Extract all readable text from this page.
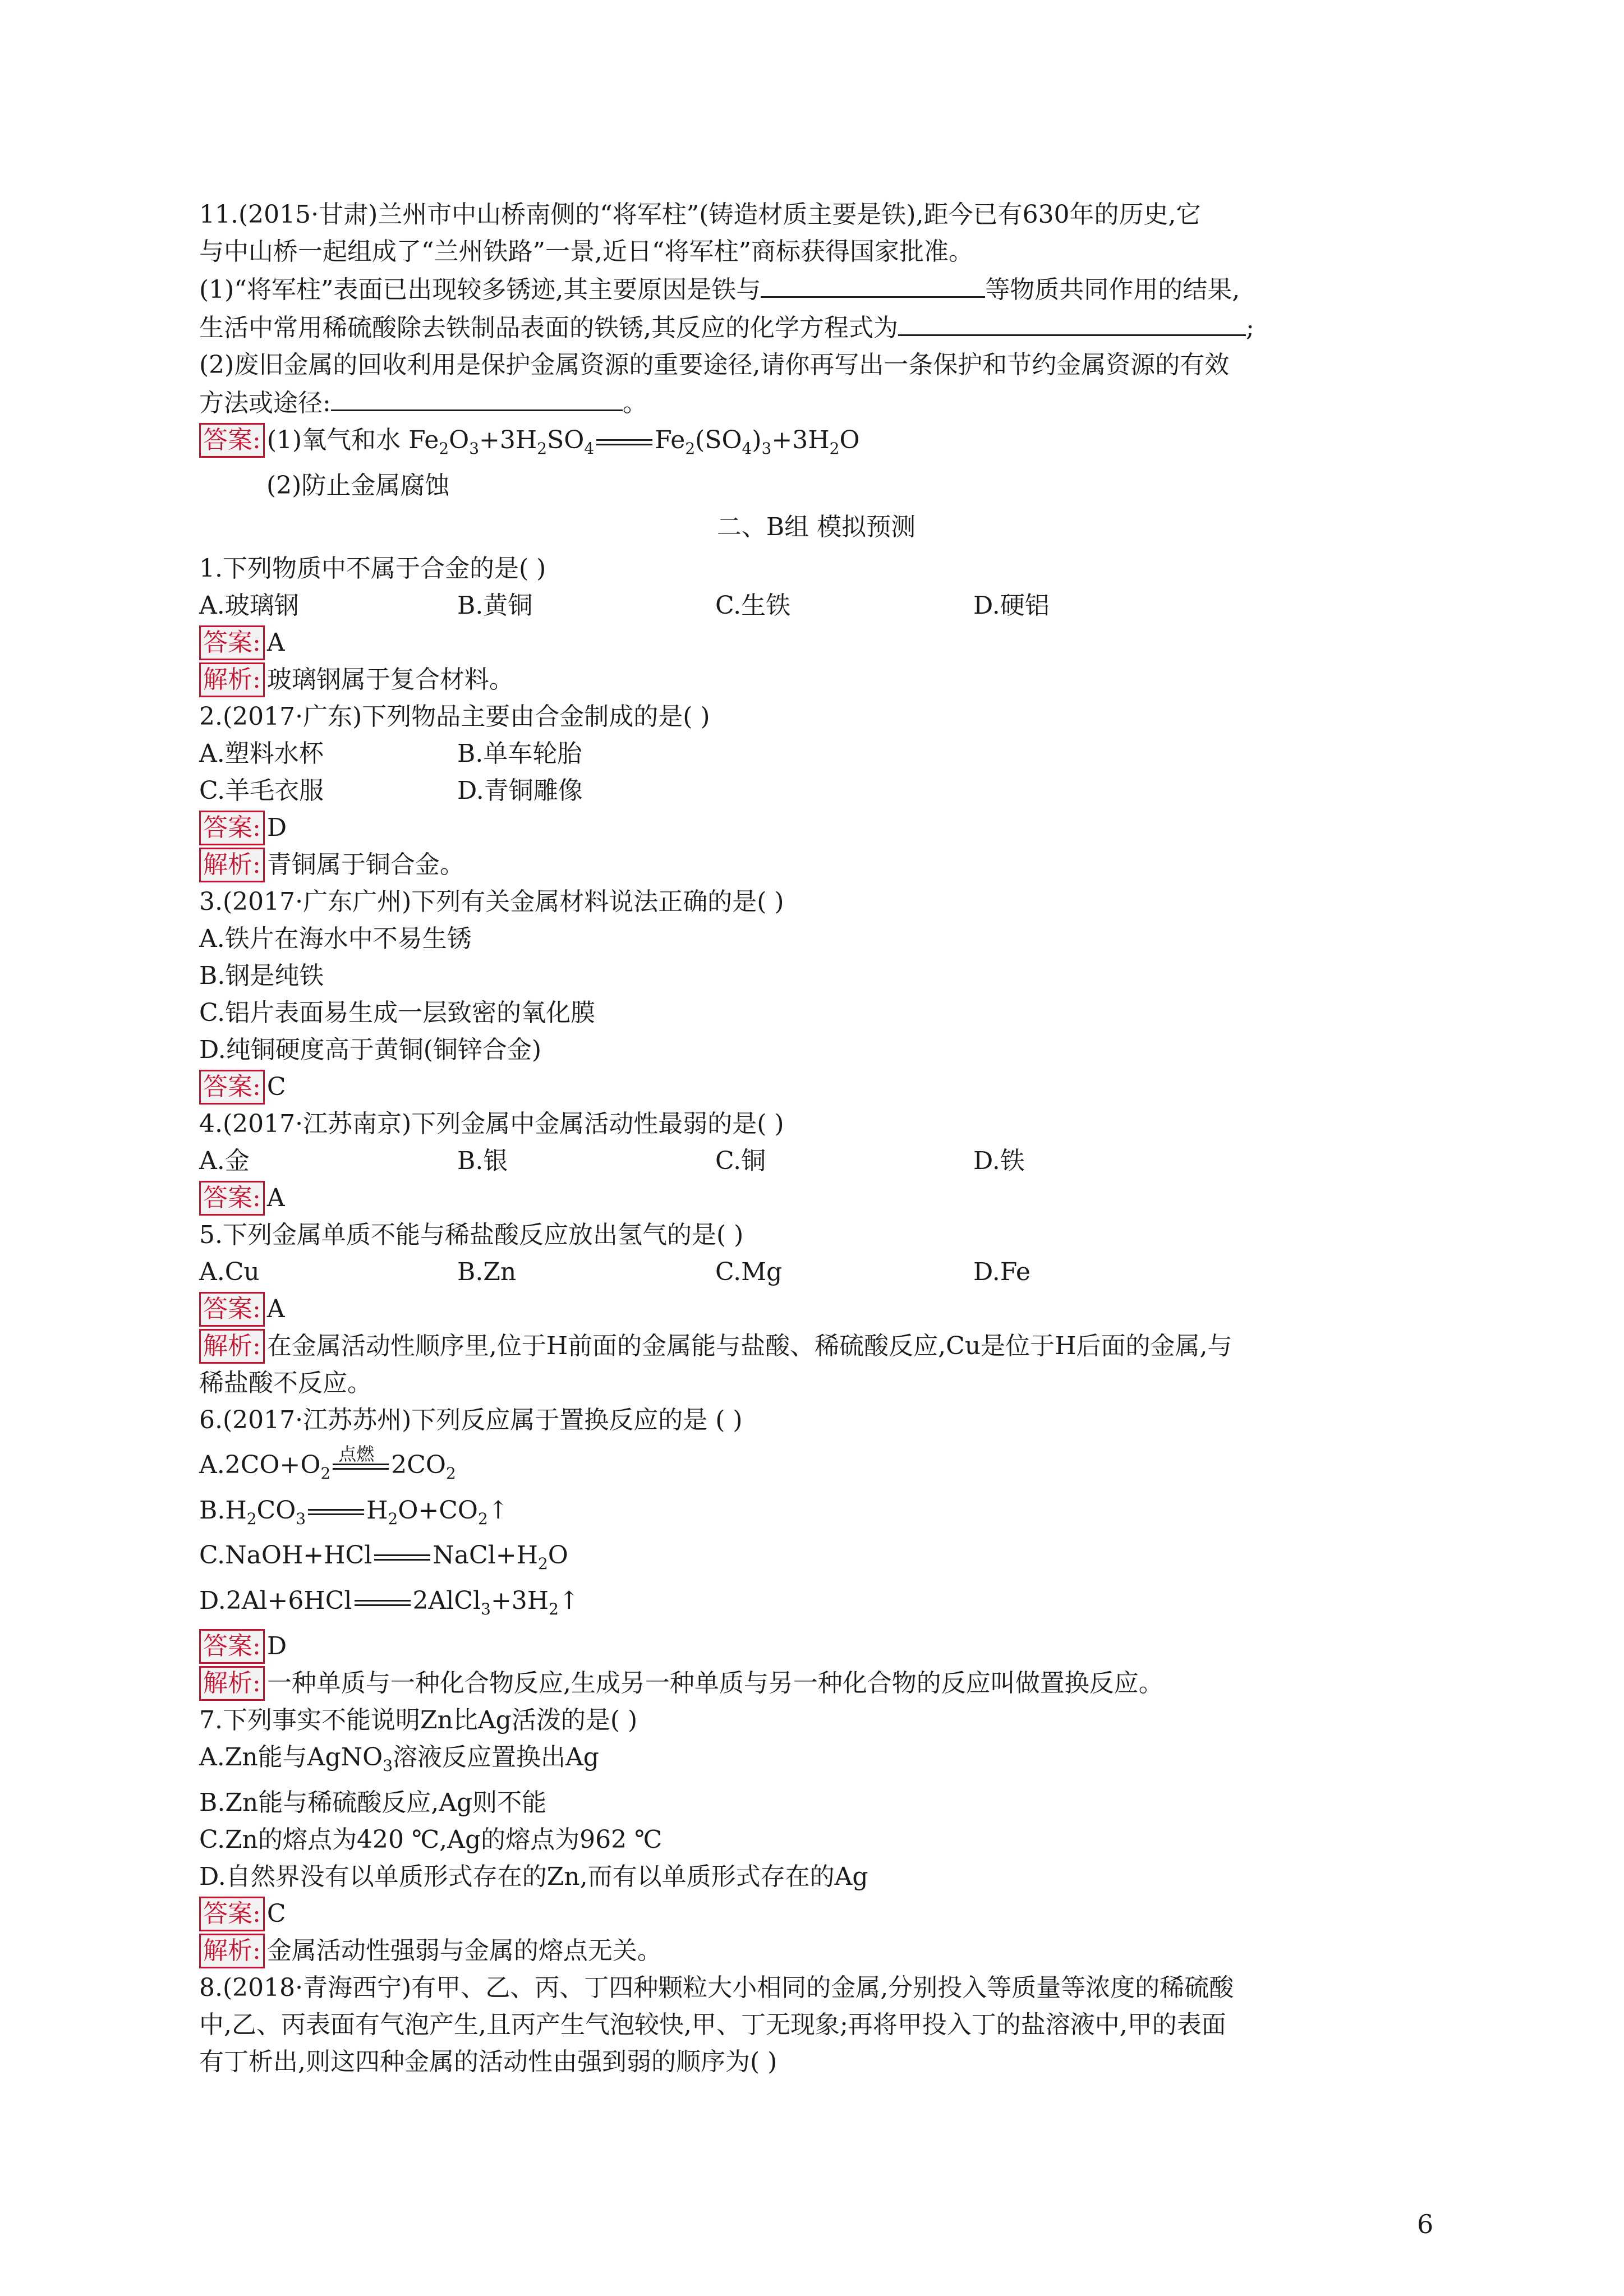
11.(2015·甘肃)兰州市中山桥南侧的“将军柱”(铸造材质主要是铁),距今已有630年的历史,它
与中山桥一起组成了“兰州铁路”一景,近日“将军柱”商标获得国家批准。
(1)“将军柱”表面已出现较多锈迹,其主要原因是铁与	等物质共同作用的结果,
生活中常用稀硫酸除去铁制品表面的铁锈,其反应的化学方程式为	;
(2)废旧金属的回收利用是保护金属资源的重要途径,请你再写出一条保护和节约金属资源的有效
方法或途径:	。
答案: (1)氧气和水 $Fe_2O_3+3H_2SO_4$ $Fe_2(SO_4)_3+3H_2O$
(2)防止金属腐蚀
二、B组 模拟预测
1.下列物质中不属于合金的是( )
A.玻璃钢	B.黄铜	C.生铁	D.硬铝
答案: A
解析: 玻璃钢属于复合材料。
2.(2017·广东)下列物品主要由合金制成的是( )
A.塑料水杯	B.单车轮胎
C.羊毛衣服	D.青铜雕像
答案: D
解析: 青铜属于铜合金。
3.(2017·广东广州)下列有关金属材料说法正确的是( )
A.铁片在海水中不易生锈
B.钢是纯铁
C.铝片表面易生成一层致密的氧化膜
D.纯铜硬度高于黄铜(铜锌合金)
答案: C
4.(2017·江苏南京)下列金属中金属活动性最弱的是( )
A.金	B.银	C.铜	D.铁
答案: A
5.下列金属单质不能与稀盐酸反应放出氢气的是( )
A.Cu	B.Zn	C.Mg	D.Fe
答案: A
解析: 在金属活动性顺序里,位于H前面的金属能与盐酸、稀硫酸反应,Cu是位于H后面的金属,与
稀盐酸不反应。
6.(2017·江苏苏州)下列反应属于置换反应的是 ( )
$A.2CO+O_2$
点燃 $2CO_2$
$B.H_2CO_3$ $H_2O+CO_2↑$
C.NaOH+HCl $NaCl+H_2O$
D.2Al+6HCl $2AlCl_3+3H_2↑$
答案: D
解析: 一种单质与一种化合物反应,生成另一种单质与另一种化合物的反应叫做置换反应。
7.下列事实不能说明Zn比Ag活泼的是( )
A.Zn能与AgNO$_3$溶液反应置换出Ag
B.Zn能与稀硫酸反应,Ag则不能
C.Zn的熔点为420 ℃,Ag的熔点为962 ℃
D.自然界没有以单质形式存在的Zn,而有以单质形式存在的Ag
答案: C
解析: 金属活动性强弱与金属的熔点无关。
8.(2018·青海西宁)有甲、乙、丙、丁四种颗粒大小相同的金属,分别投入等质量等浓度的稀硫酸
中,乙、丙表面有气泡产生,且丙产生气泡较快,甲、丁无现象;再将甲投入丁的盐溶液中,甲的表面
有丁析出,则这四种金属的活动性由强到弱的顺序为( )
6
